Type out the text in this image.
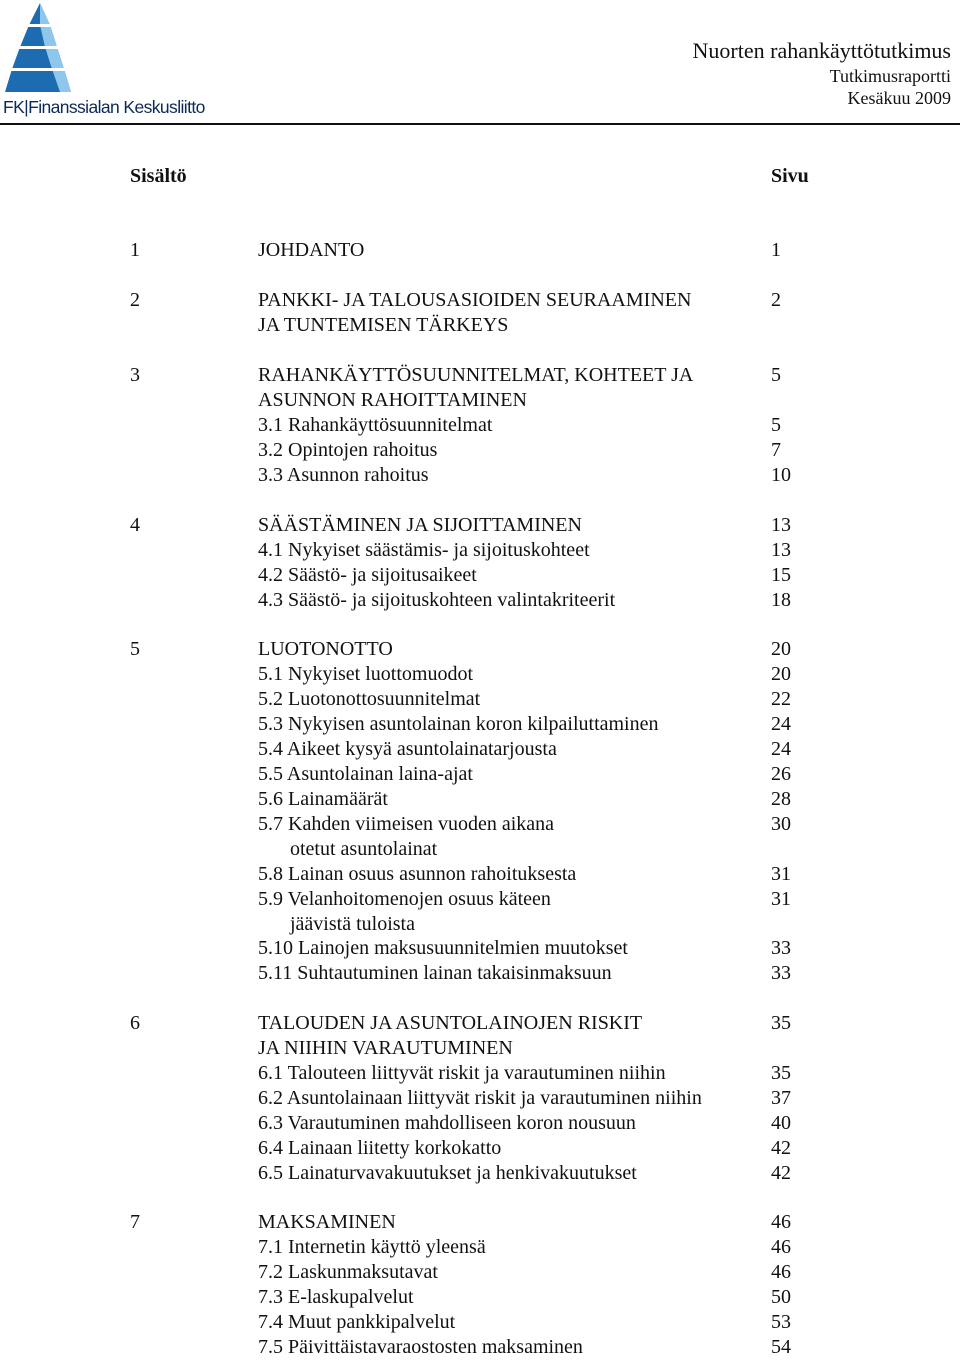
FK|Finanssialan Keskusliitto
Nuorten rahankäyttötutkimus
Tutkimusraportti
Kesäkuu 2009
Sisältö	Sivu
1	JOHDANTO	1
2	PANKKI- JA TALOUSASIOIDEN SEURAAMINEN	2
JA TUNTEMISEN TÄRKEYS
3	RAHANKÄYTTÖSUUNNITELMAT, KOHTEET JA	5
ASUNNON RAHOITTAMINEN
3.1 Rahankäyttösuunnitelmat	5
3.2 Opintojen rahoitus	7
3.3 Asunnon rahoitus	10
4	SÄÄSTÄMINEN JA SIJOITTAMINEN	13
4.1 Nykyiset säästämis- ja sijoituskohteet	13
4.2 Säästö- ja sijoitusaikeet	15
4.3 Säästö- ja sijoituskohteen valintakriteerit	18
5	LUOTONOTTO	20
5.1 Nykyiset luottomuodot	20
5.2 Luotonottosuunnitelmat	22
5.3 Nykyisen asuntolainan koron kilpailuttaminen	24
5.4 Aikeet kysyä asuntolainatarjousta	24
5.5 Asuntolainan laina-ajat	26
5.6 Lainamäärät	28
5.7 Kahden viimeisen vuoden aikana	30
otetut asuntolainat
5.8 Lainan osuus asunnon rahoituksesta	31
5.9 Velanhoitomenojen osuus käteen	31
jäävistä tuloista
5.10 Lainojen maksusuunnitelmien muutokset	33
5.11 Suhtautuminen lainan takaisinmaksuun	33
6	TALOUDEN JA ASUNTOLAINOJEN RISKIT	35
JA NIIHIN VARAUTUMINEN
6.1 Talouteen liittyvät riskit ja varautuminen niihin	35
6.2 Asuntolainaan liittyvät riskit ja varautuminen niihin	37
6.3 Varautuminen mahdolliseen koron nousuun	40
6.4 Lainaan liitetty korkokatto	42
6.5 Lainaturvavakuutukset ja henkivakuutukset	42
7	MAKSAMINEN	46
7.1 Internetin käyttö yleensä	46
7.2 Laskunmaksutavat	46
7.3 E-laskupalvelut	50
7.4 Muut pankkipalvelut	53
7.5 Päivittäistavaraostosten maksaminen	54
